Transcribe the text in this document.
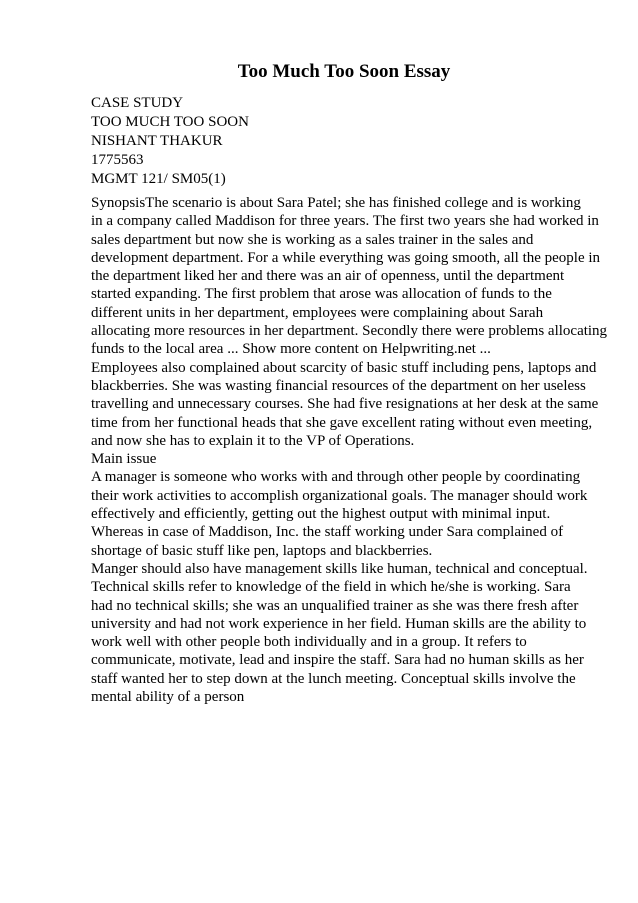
Too Much Too Soon Essay
CASE STUDY
TOO MUCH TOO SOON
NISHANT THAKUR
1775563
MGMT 121/ SM05(1)
SynopsisThe scenario is about Sara Patel; she has finished college and is working
in a company called Maddison for three years. The first two years she had worked in
sales department but now she is working as a sales trainer in the sales and
development department. For a while everything was going smooth, all the people in
the department liked her and there was an air of openness, until the department
started expanding. The first problem that arose was allocation of funds to the
different units in her department, employees were complaining about Sarah
allocating more resources in her department. Secondly there were problems allocating
funds to the local area ... Show more content on Helpwriting.net ...
Employees also complained about scarcity of basic stuff including pens, laptops and
blackberries. She was wasting financial resources of the department on her useless
travelling and unnecessary courses. She had five resignations at her desk at the same
time from her functional heads that she gave excellent rating without even meeting,
and now she has to explain it to the VP of Operations.
Main issue
A manager is someone who works with and through other people by coordinating
their work activities to accomplish organizational goals. The manager should work
effectively and efficiently, getting out the highest output with minimal input.
Whereas in case of Maddison, Inc. the staff working under Sara complained of
shortage of basic stuff like pen, laptops and blackberries.
Manger should also have management skills like human, technical and conceptual.
Technical skills refer to knowledge of the field in which he/she is working. Sara
had no technical skills; she was an unqualified trainer as she was there fresh after
university and had not work experience in her field. Human skills are the ability to
work well with other people both individually and in a group. It refers to
communicate, motivate, lead and inspire the staff. Sara had no human skills as her
staff wanted her to step down at the lunch meeting. Conceptual skills involve the
mental ability of a person
